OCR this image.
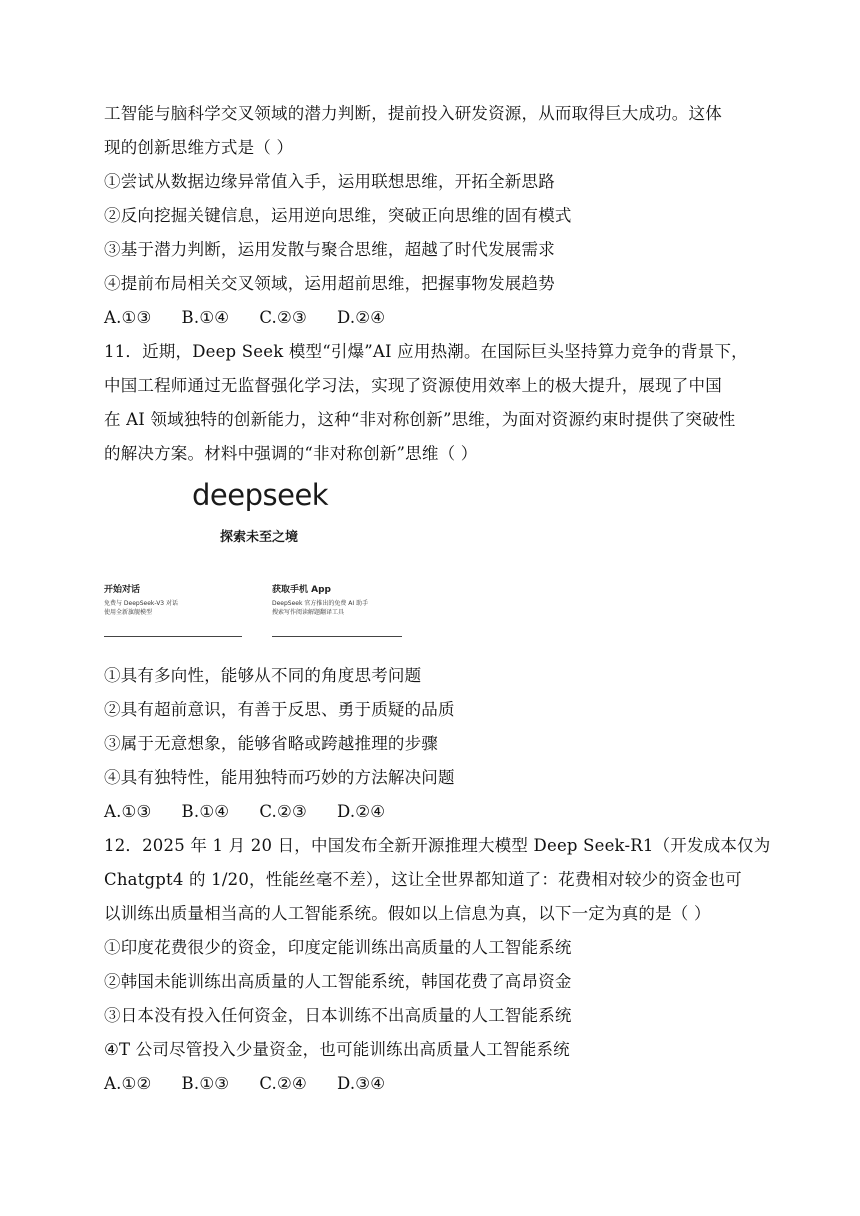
工智能与脑科学交叉领域的潜力判断，提前投入研发资源，从而取得巨大成功。这体
现的创新思维方式是（ ）
①尝试从数据边缘异常值入手，运用联想思维，开拓全新思路
②反向挖掘关键信息，运用逆向思维，突破正向思维的固有模式
③基于潜力判断，运用发散与聚合思维，超越了时代发展需求
④提前布局相关交叉领域，运用超前思维，把握事物发展趋势
A.①③ B.①④ C.②③ D.②④
11．近期，Deep Seek 模型“引爆”AI 应用热潮。在国际巨头坚持算力竞争的背景下，
中国工程师通过无监督强化学习法，实现了资源使用效率上的极大提升，展现了中国
在 AI 领域独特的创新能力，这种“非对称创新”思维，为面对资源约束时提供了突破性
的解决方案。材料中强调的“非对称创新”思维（ ）
deepseek
探索未至之境
开始对话
免费与 DeepSeek-V3 对话
使用全新旗舰模型
获取手机 App
DeepSeek 官方推出的免费 AI 助手
搜索写作阅读解题翻译工具
①具有多向性，能够从不同的角度思考问题
②具有超前意识，有善于反思、勇于质疑的品质
③属于无意想象，能够省略或跨越推理的步骤
④具有独特性，能用独特而巧妙的方法解决问题
A.①③ B.①④ C.②③ D.②④
12．2025 年 1 月 20 日，中国发布全新开源推理大模型 Deep Seek-R1（开发成本仅为
Chatgpt4 的 1/20，性能丝毫不差），这让全世界都知道了：花费相对较少的资金也可
以训练出质量相当高的人工智能系统。假如以上信息为真，以下一定为真的是（ ）
①印度花费很少的资金，印度定能训练出高质量的人工智能系统
②韩国未能训练出高质量的人工智能系统，韩国花费了高昂资金
③日本没有投入任何资金，日本训练不出高质量的人工智能系统
④T 公司尽管投入少量资金，也可能训练出高质量人工智能系统
A.①② B.①③ C.②④ D.③④
